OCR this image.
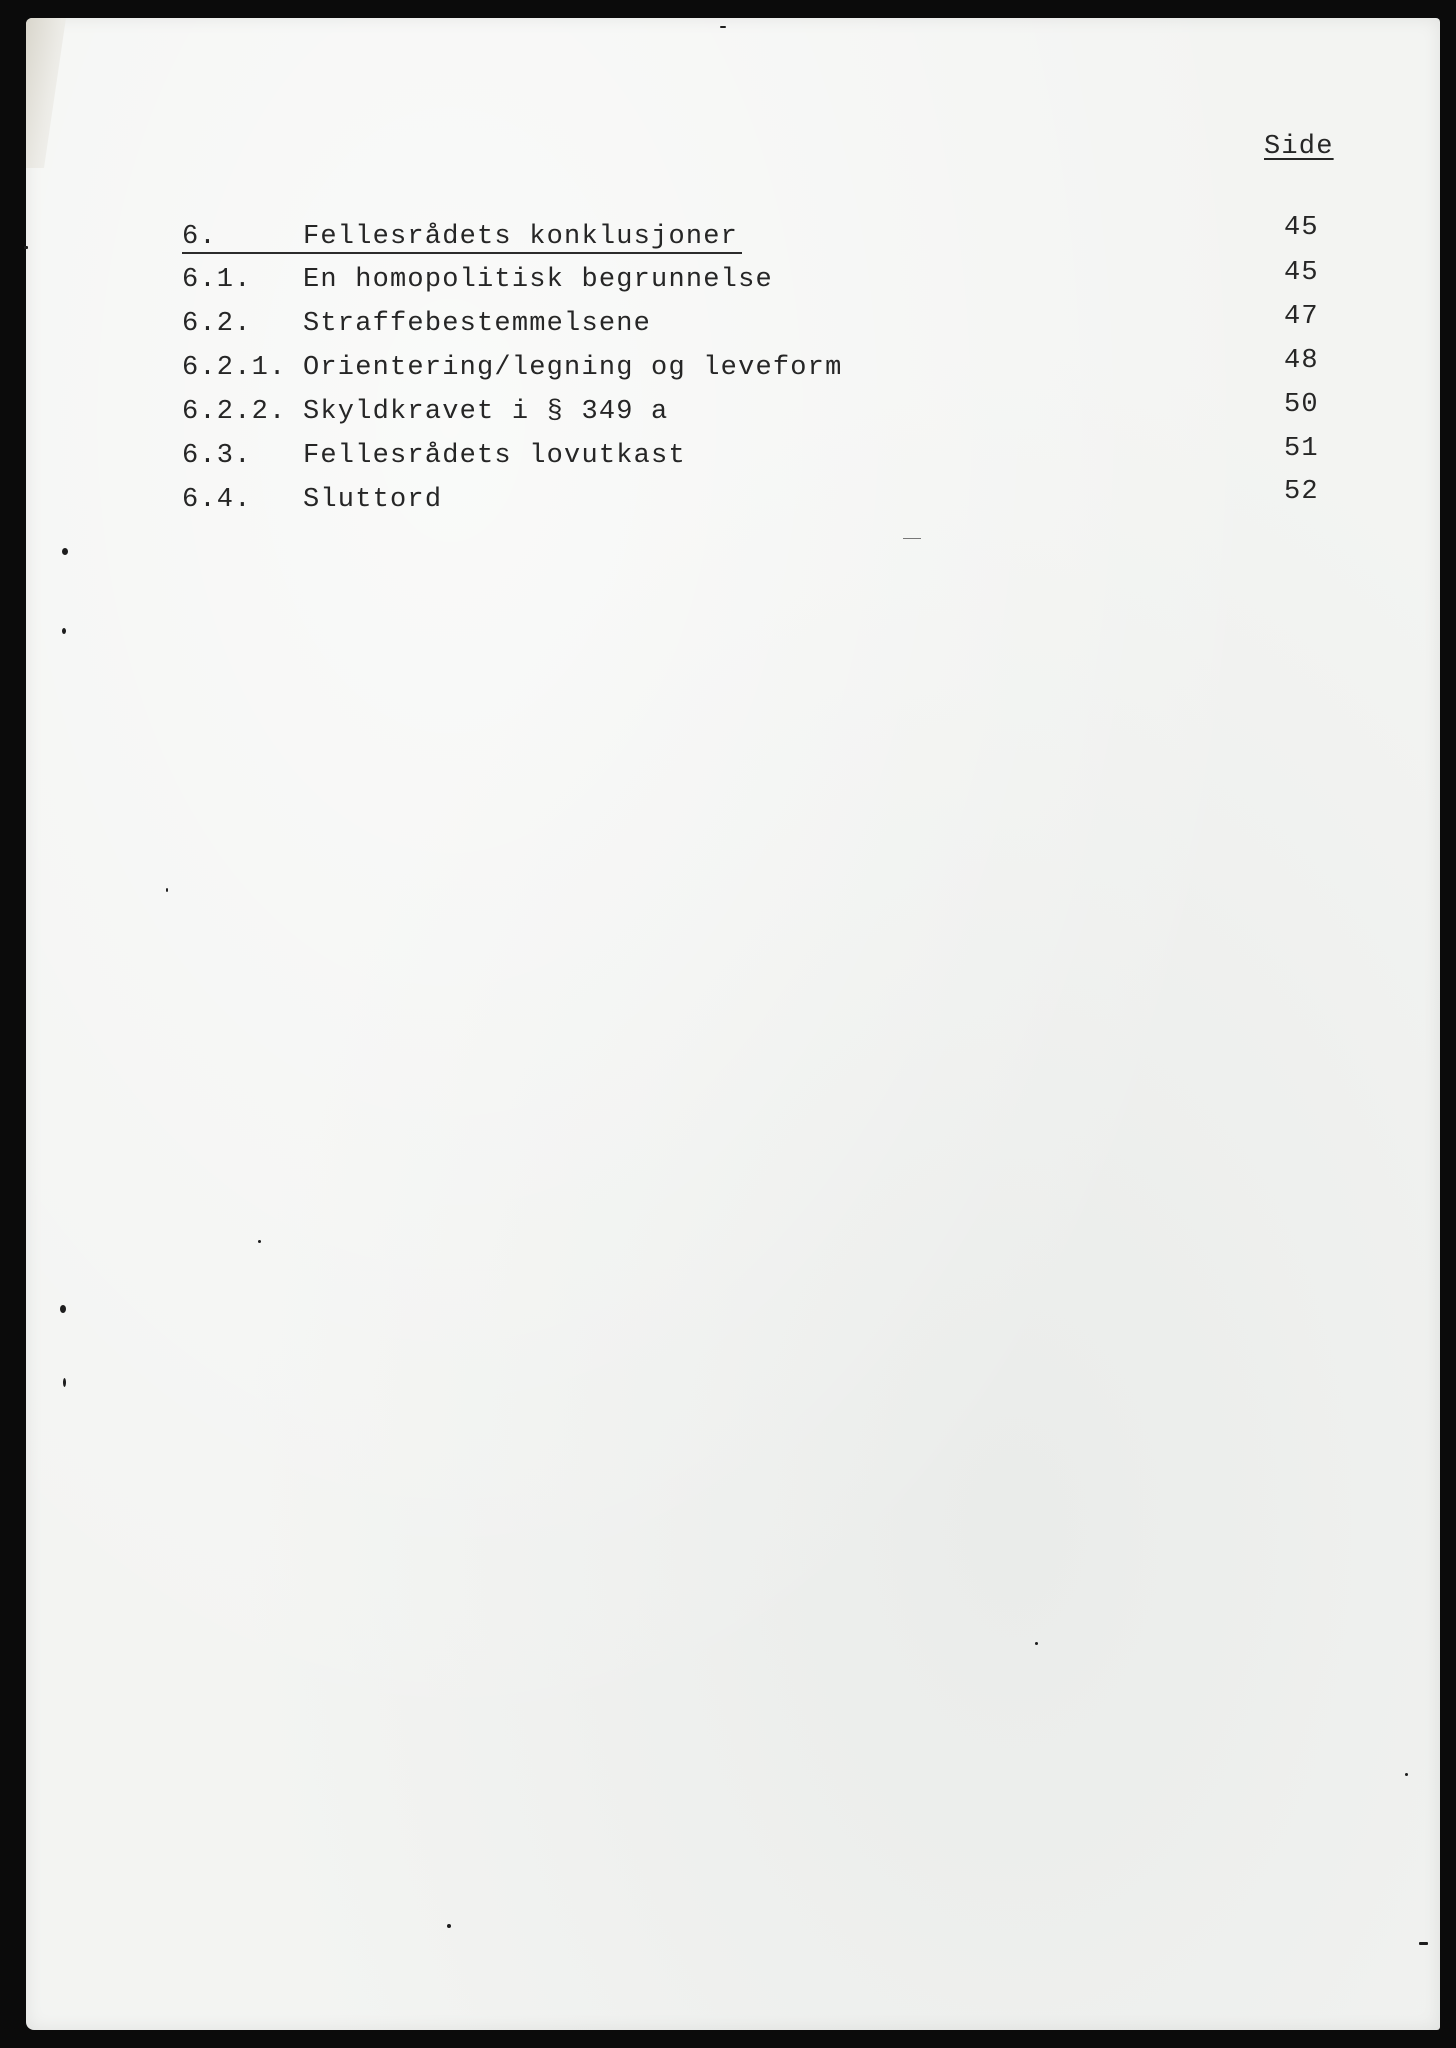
Side
6.	Fellesrådets konklusjoner	45
6.1. En homopolitisk begrunnelse	45
6.2. Straffebestemmelsene	47
6.2.1. Orientering/legning og leveform	48
6.2.2. Skyldkravet i § 349 a	50
6.3. Fellesrådets lovutkast	51
6.4. Sluttord	52
